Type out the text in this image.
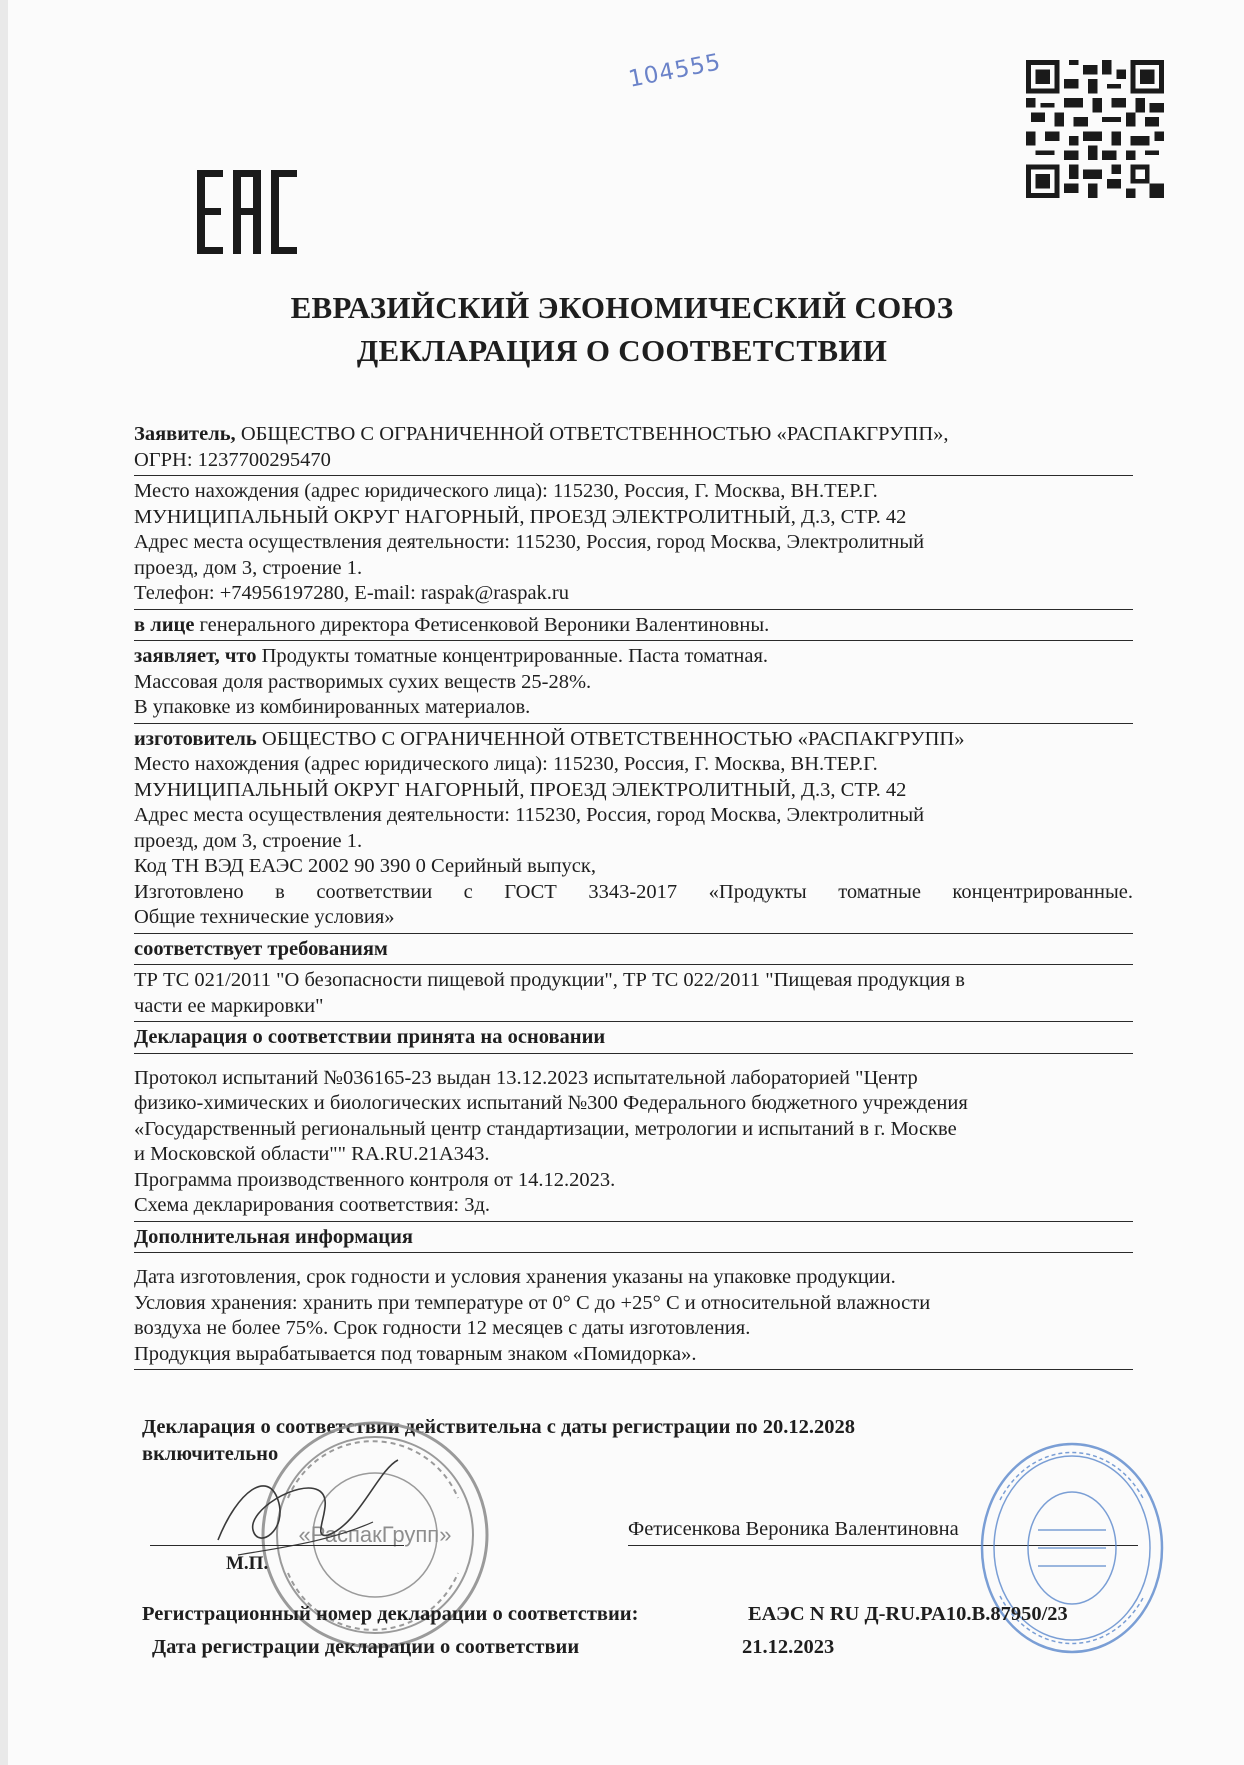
104555
ЕВРАЗИЙСКИЙ ЭКОНОМИЧЕСКИЙ СОЮЗ
ДЕКЛАРАЦИЯ О СООТВЕТСТВИИ

Заявитель, ОБЩЕСТВО С ОГРАНИЧЕННОЙ ОТВЕТСТВЕННОСТЬЮ «РАСПАКГРУПП»,

ОГРН: 1237700295470

Место нахождения (адрес юридического лица): 115230, Россия, Г. Москва, ВН.ТЕР.Г.

МУНИЦИПАЛЬНЫЙ ОКРУГ НАГОРНЫЙ, ПРОЕЗД ЭЛЕКТРОЛИТНЫЙ, Д.3, СТР. 42

Адрес места осуществления деятельности: 115230, Россия, город Москва, Электролитный

проезд, дом 3, строение 1.

Телефон: +74956197280, E-mail: raspak@raspak.ru

в лице генерального директора Фетисенковой Вероники Валентиновны.

заявляет, что Продукты томатные концентрированные. Паста томатная.

Массовая доля растворимых сухих веществ 25-28%.

В упаковке из комбинированных материалов.

изготовитель ОБЩЕСТВО С ОГРАНИЧЕННОЙ ОТВЕТСТВЕННОСТЬЮ «РАСПАКГРУПП»

Место нахождения (адрес юридического лица): 115230, Россия, Г. Москва, ВН.ТЕР.Г.

МУНИЦИПАЛЬНЫЙ ОКРУГ НАГОРНЫЙ, ПРОЕЗД ЭЛЕКТРОЛИТНЫЙ, Д.3, СТР. 42

Адрес места осуществления деятельности: 115230, Россия, город Москва, Электролитный

проезд, дом 3, строение 1.

Код ТН ВЭД ЕАЭС 2002 90 390 0 Серийный выпуск,

Изготовлено в соответствии с ГОСТ 3343-2017 «Продукты томатные концентрированные.

Общие технические условия»

соответствует требованиям

ТР ТС 021/2011 "О безопасности пищевой продукции", ТР ТС 022/2011 "Пищевая продукция в

части ее маркировки"

Декларация о соответствии принята на основании

Протокол испытаний №036165-23 выдан 13.12.2023 испытательной лабораторией "Центр

физико-химических и биологических испытаний №300 Федерального бюджетного учреждения

«Государственный региональный центр стандартизации, метрологии и испытаний в г. Москве

и Московской области"" RA.RU.21A343.

Программа производственного контроля от 14.12.2023.

Схема декларирования соответствия: 3д.

Дополнительная информация

Дата изготовления, срок годности и условия хранения указаны на упаковке продукции.

Условия хранения: хранить при температуре от 0° С до +25° С и относительной влажности

воздуха не более 75%. Срок годности 12 месяцев с даты изготовления.

Продукция вырабатывается под товарным знаком «Помидорка».

Декларация о соответствии действительна с даты регистрации по 20.12.2028
включительно
«РаспакГрупп»
М.П.
Фетисенкова Вероника Валентиновна
Регистрационный номер декларации о соответствии:	ЕАЭС N RU Д-RU.PA10.B.87950/23
Дата регистрации декларации о соответствии	21.12.2023
